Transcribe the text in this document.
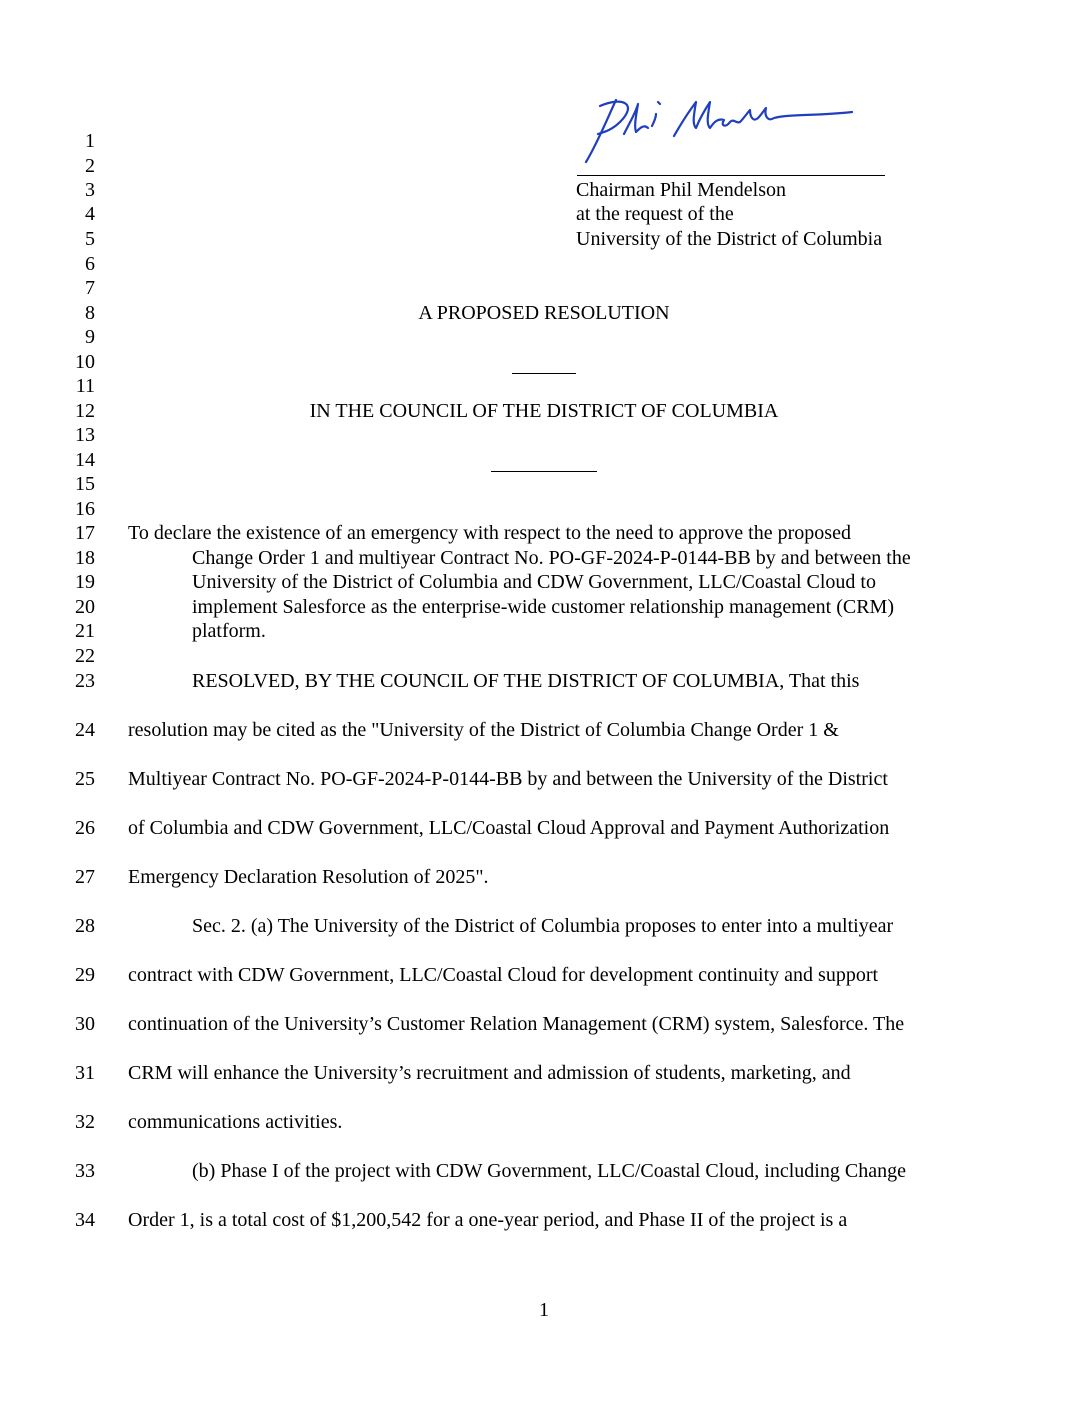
Chairman Phil Mendelson
at the request of the
University of the District of Columbia
A PROPOSED RESOLUTION
IN THE COUNCIL OF THE DISTRICT OF COLUMBIA
1
2
3
4
5
6
7
8
9
10
11
12
13
14
15
16
17
18
19
20
21
22
23
24
25
26
27
28
29
30
31
32
33
34
To declare the existence of an emergency with respect to the need to approve the proposed
Change Order 1 and multiyear Contract No. PO-GF-2024-P-0144-BB by and between the
University of the District of Columbia and CDW Government, LLC/Coastal Cloud to
implement Salesforce as the enterprise-wide customer relationship management (CRM)
platform.
RESOLVED, BY THE COUNCIL OF THE DISTRICT OF COLUMBIA, That this
resolution may be cited as the "University of the District of Columbia Change Order 1 &
Multiyear Contract No. PO-GF-2024-P-0144-BB by and between the University of the District
of Columbia and CDW Government, LLC/Coastal Cloud Approval and Payment Authorization
Emergency Declaration Resolution of 2025".
Sec. 2. (a) The University of the District of Columbia proposes to enter into a multiyear
contract with CDW Government, LLC/Coastal Cloud for development continuity and support
continuation of the University’s Customer Relation Management (CRM) system, Salesforce. The
CRM will enhance the University’s recruitment and admission of students, marketing, and
communications activities.
(b) Phase I of the project with CDW Government, LLC/Coastal Cloud, including Change
Order 1, is a total cost of $1,200,542 for a one-year period, and Phase II of the project is a
1
